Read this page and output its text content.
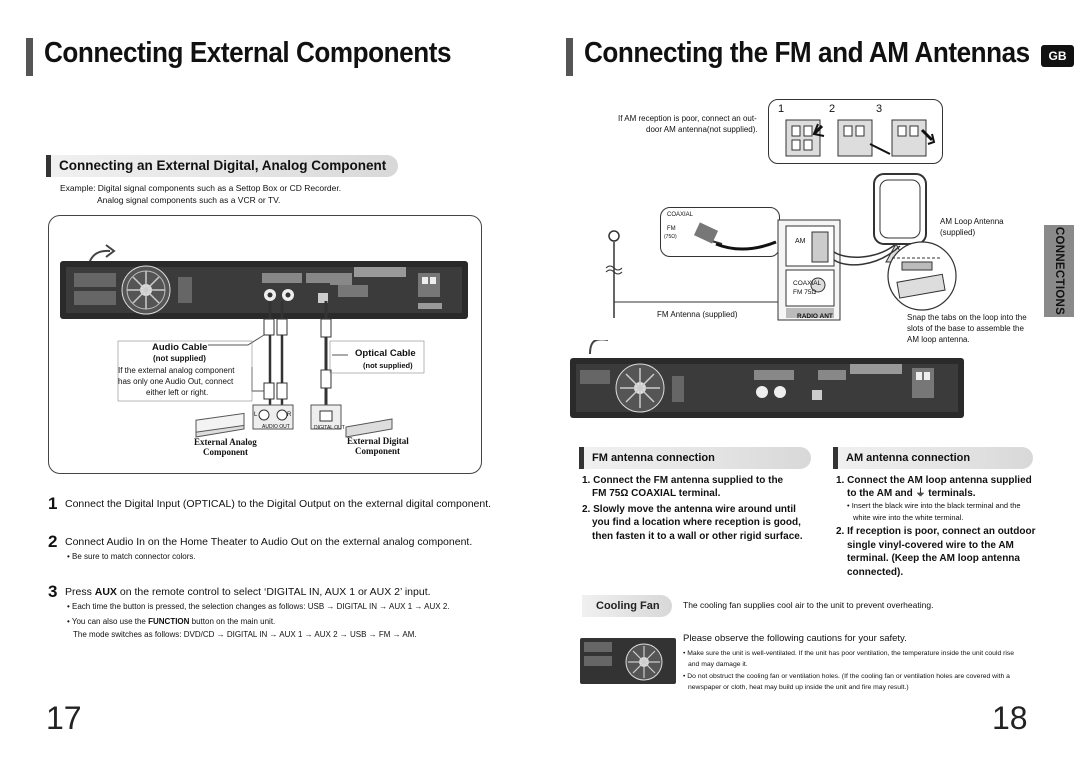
Connecting External Components
Connecting an External Digital, Analog Component
Example: Digital signal components such as a Settop Box or CD Recorder.
Analog signal components such as a VCR or TV.
Audio Cable
(not supplied)
If the external analog component
has only one Audio Out, connect
either left or right.
Optical Cable
(not supplied)
L	R
AUDIO OUT	DIGITAL OUT
External Analog
Component
External Digital
Component
1 Connect the Digital Input (OPTICAL) to the Digital Output on the external digital component.
2 Connect Audio In on the Home Theater to Audio Out on the external analog component.
• Be sure to match connector colors.
3 Press AUX on the remote control to select ‘DIGITAL IN, AUX 1 or AUX 2’ input.
• Each time the button is pressed, the selection changes as follows: USB → DIGITAL IN → AUX 1 → AUX 2.
• You can also use the FUNCTION button on the main unit.
The mode switches as follows: DVD/CD → DIGITAL IN → AUX 1 → AUX 2 → USB → FM → AM.
17
Connecting the FM and AM Antennas	GB
CONNECTIONS
If AM reception is poor, connect an out-
door AM antenna(not supplied).
1	2	3
COAXIAL
FM
(75Ω)
AM
COAXIAL FM 75Ω
RADIO ANT
AM Loop Antenna
(supplied)
FM Antenna (supplied)	Snap the tabs on the loop into the
slots of the base to assemble the
AM loop antenna.
FM antenna connection	AM antenna connection
1. Connect the FM antenna supplied to the
FM 75Ω COAXIAL terminal.
2. Slowly move the antenna wire around until
you find a location where reception is good,
then fasten it to a wall or other rigid surface.
1. Connect the AM loop antenna supplied
to the AM and ⏚ terminals.
• Insert the black wire into the black terminal and the
white wire into the white terminal.
2. If reception is poor, connect an outdoor
single vinyl-covered wire to the AM
terminal. (Keep the AM loop antenna
connected).
Cooling Fan	The cooling fan supplies cool air to the unit to prevent overheating.
Please observe the following cautions for your safety.
• Make sure the unit is well-ventilated. If the unit has poor ventilation, the temperature inside the unit could rise
and may damage it.
• Do not obstruct the cooling fan or ventilation holes. (If the cooling fan or ventilation holes are covered with a
newspaper or cloth, heat may build up inside the unit and fire may result.)
18
